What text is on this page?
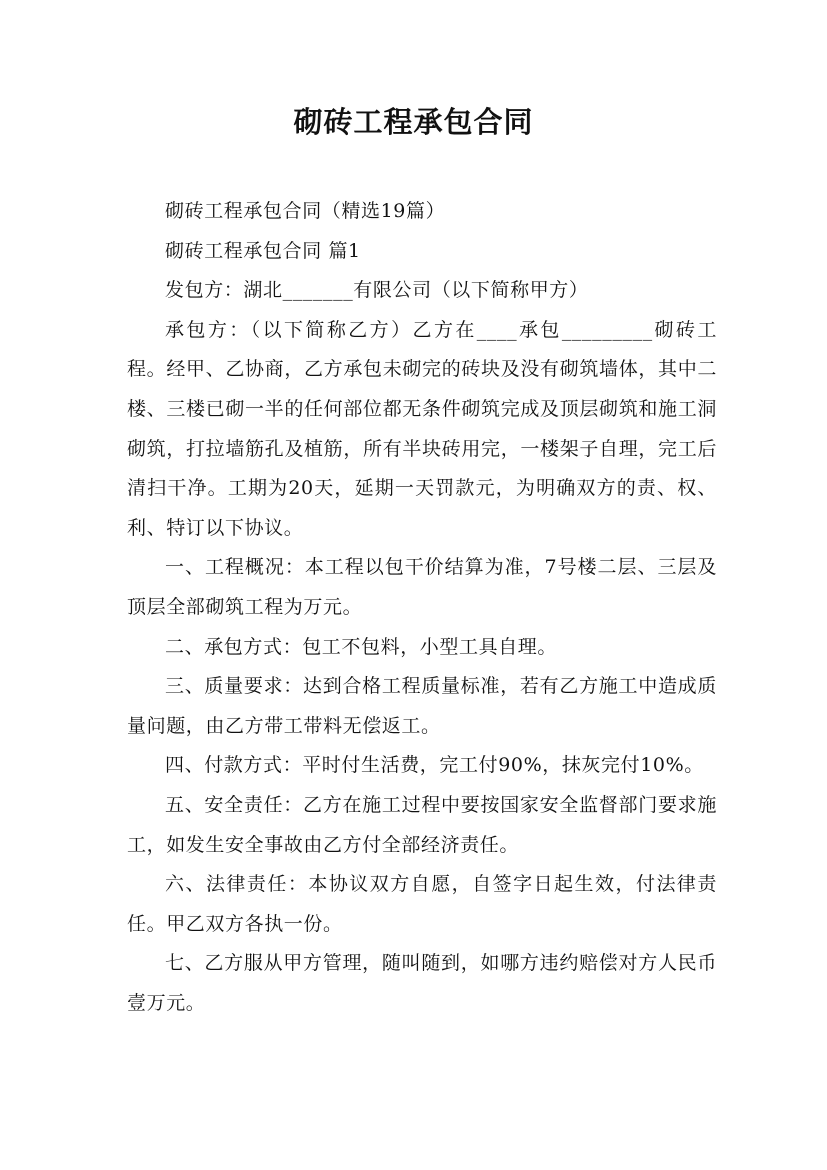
砌砖工程承包合同

砌砖工程承包合同（精选19篇）

砌砖工程承包合同 篇1

发包方：湖北_______有限公司（以下简称甲方）

承包方：（以下简称乙方）乙方在____承包_________砌砖工程。经甲、乙协商，乙方承包未砌完的砖块及没有砌筑墙体，其中二楼、三楼已砌一半的任何部位都无条件砌筑完成及顶层砌筑和施工洞砌筑，打拉墙筋孔及植筋，所有半块砖用完，一楼架子自理，完工后清扫干净。工期为20天，延期一天罚款元，为明确双方的责、权、利、特订以下协议。

一、工程概况：本工程以包干价结算为准，7号楼二层、三层及顶层全部砌筑工程为万元。

二、承包方式：包工不包料，小型工具自理。

三、质量要求：达到合格工程质量标准，若有乙方施工中造成质量问题，由乙方带工带料无偿返工。

四、付款方式：平时付生活费，完工付90%，抹灰完付10%。

五、安全责任：乙方在施工过程中要按国家安全监督部门要求施工，如发生安全事故由乙方付全部经济责任。

六、法律责任：本协议双方自愿，自签字日起生效，付法律责任。甲乙双方各执一份。

七、乙方服从甲方管理，随叫随到，如哪方违约赔偿对方人民币壹万元。
